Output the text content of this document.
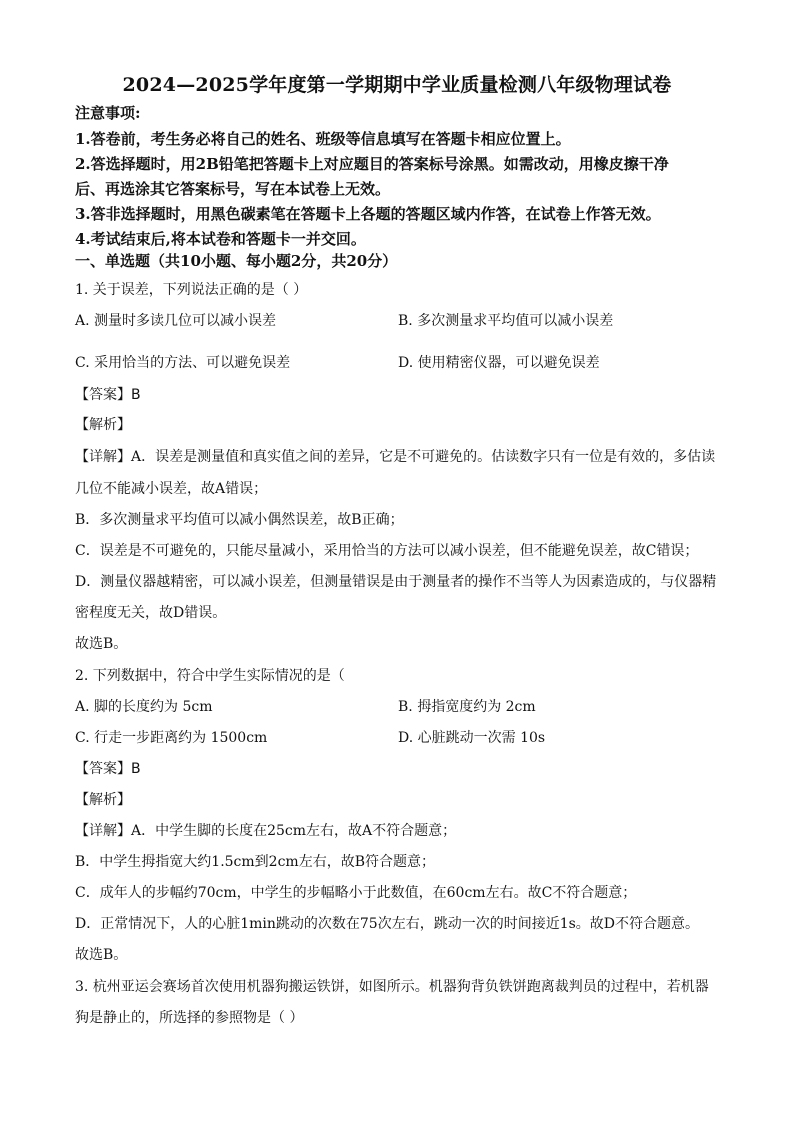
2024—2025学年度第一学期期中学业质量检测八年级物理试卷
注意事项:
1.答卷前，考生务必将自己的姓名、班级等信息填写在答题卡相应位置上。
2.答选择题时，用2B铅笔把答题卡上对应题目的答案标号涂黑。如需改动，用橡皮擦干净
后、再选涂其它答案标号，写在本试卷上无效。
3.答非选择题时，用黑色碳素笔在答题卡上各题的答题区域内作答，在试卷上作答无效。
4.考试结束后,将本试卷和答题卡一并交回。
一、单选题（共10小题、每小题2分，共20分）
1. 关于误差，下列说法正确的是（ ）
A. 测量时多读几位可以减小误差	B. 多次测量求平均值可以减小误差
C. 采用恰当的方法、可以避免误差	D. 使用精密仪器，可以避免误差
【答案】B
【解析】
【详解】A．误差是测量值和真实值之间的差异，它是不可避免的。估读数字只有一位是有效的，多估读
几位不能减小误差，故A错误；
B．多次测量求平均值可以减小偶然误差，故B正确；
C．误差是不可避免的，只能尽量减小，采用恰当的方法可以减小误差，但不能避免误差，故C错误；
D．测量仪器越精密，可以减小误差，但测量错误是由于测量者的操作不当等人为因素造成的，与仪器精
密程度无关，故D错误。
故选B。
2. 下列数据中，符合中学生实际情况的是（
A. 脚的长度约为 5cm	B. 拇指宽度约为 2cm
C. 行走一步距离约为 1500cm	D. 心脏跳动一次需 10s
【答案】B
【解析】
【详解】A．中学生脚的长度在25cm左右，故A不符合题意；
B．中学生拇指宽大约1.5cm到2cm左右，故B符合题意；
C．成年人的步幅约70cm，中学生的步幅略小于此数值，在60cm左右。故C不符合题意；
D．正常情况下，人的心脏1min跳动的次数在75次左右，跳动一次的时间接近1s。故D不符合题意。
故选B。
3. 杭州亚运会赛场首次使用机器狗搬运铁饼，如图所示。机器狗背负铁饼跑离裁判员的过程中，若机器
狗是静止的，所选择的参照物是（ ）
